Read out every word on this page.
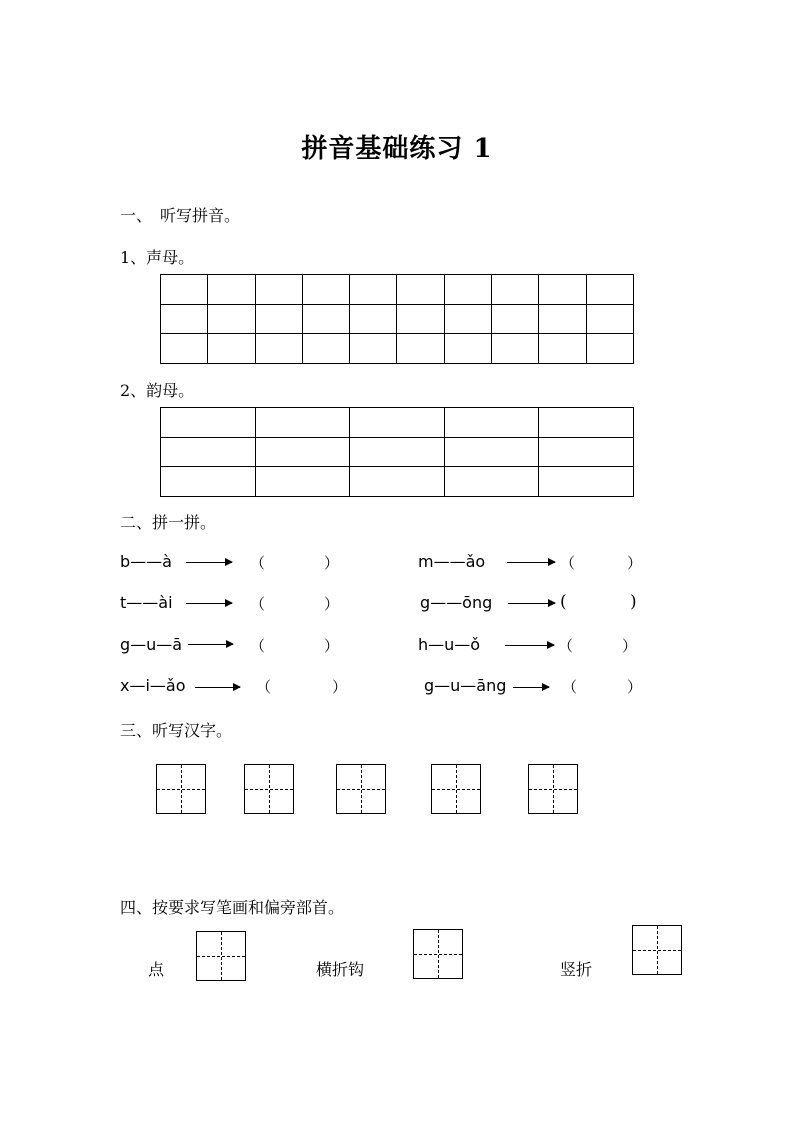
拼音基础练习 1
一、　听写拼音。
1、声母。

2、韵母。

二、拼一拼。
b——à	（	）	m——ǎo	（	）
t——ài	（	）	g——ōng	(	)
g—u—ā	（	）	h—u—ǒ	（	）
x—i—ǎo	（	）	g—u—āng	（	）
三、听写汉字。
四、按要求写笔画和偏旁部首。
点	横折钩	竖折
